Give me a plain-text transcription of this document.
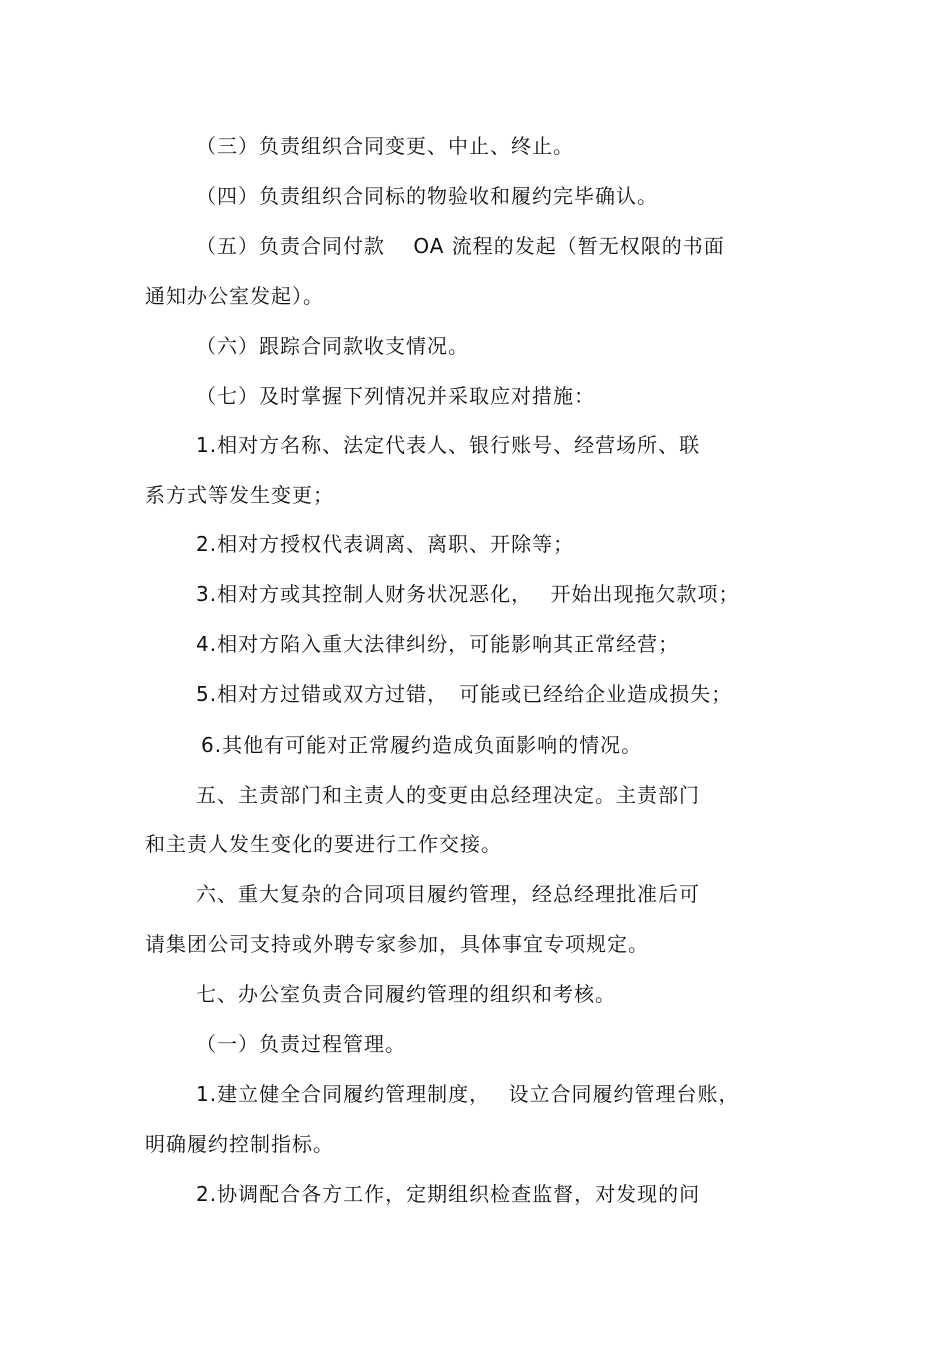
（三）负责组织合同变更、中止、终止。
（四）负责组织合同标的物验收和履约完毕确认。
（五）负责合同付款　 OA 流程的发起（暂无权限的书面
通知办公室发起）。
（六）跟踪合同款收支情况。
（七）及时掌握下列情况并采取应对措施：
1.相对方名称、法定代表人、银行账号、经营场所、联
系方式等发生变更；
2.相对方授权代表调离、离职、开除等；
3.相对方或其控制人财务状况恶化，　 开始出现拖欠款项；
4.相对方陷入重大法律纠纷，可能影响其正常经营；
5.相对方过错或双方过错，　可能或已经给企业造成损失；
6.其他有可能对正常履约造成负面影响的情况。
五、主责部门和主责人的变更由总经理决定。主责部门
和主责人发生变化的要进行工作交接。
六、重大复杂的合同项目履约管理，经总经理批准后可
请集团公司支持或外聘专家参加，具体事宜专项规定。
七、办公室负责合同履约管理的组织和考核。
（一）负责过程管理。
1.建立健全合同履约管理制度，　 设立合同履约管理台账，
明确履约控制指标。
2.协调配合各方工作，定期组织检查监督，对发现的问
